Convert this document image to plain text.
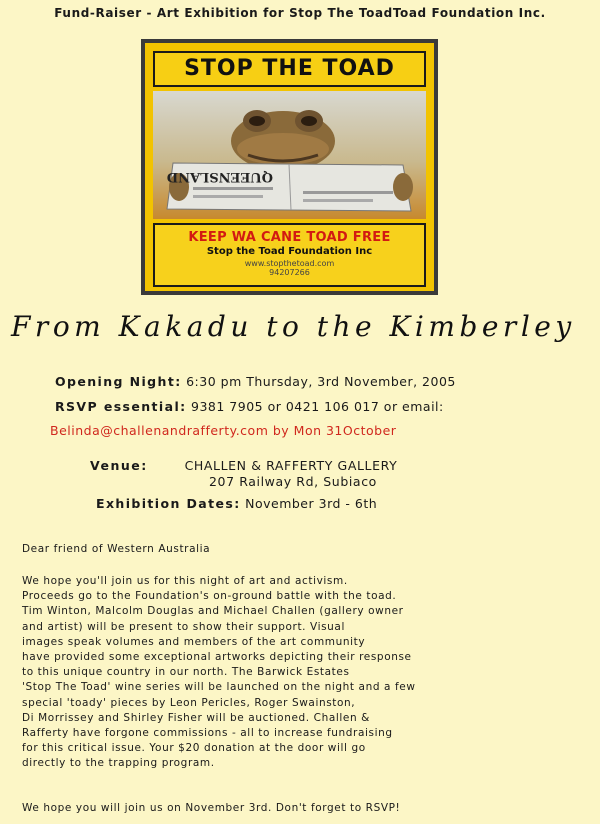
Fund-Raiser - Art Exhibition for Stop The ToadToad Foundation Inc.
STOP THE TOAD
QUEENSLAND
KEEP WA CANE TOAD FREE
Stop the Toad Foundation Inc
www.stopthetoad.com
94207266
From Kakadu to the Kimberley
Opening Night: 6:30 pm Thursday, 3rd November, 2005
RSVP essential: 9381 7905 or 0421 106 017 or email:
Belinda@challenandrafferty.com by Mon 31October
Venue:	CHALLEN & RAFFERTY GALLERY
207 Railway Rd, Subiaco
Exhibition Dates: November 3rd - 6th
Dear friend of Western Australia
We hope you'll join us for this night of art and activism.
Proceeds go to the Foundation's on-ground battle with the toad.
Tim Winton, Malcolm Douglas and Michael Challen (gallery owner
and artist) will be present to show their support. Visual
images speak volumes and members of the art community
have provided some exceptional artworks depicting their response
to this unique country in our north. The Barwick Estates
'Stop The Toad' wine series will be launched on the night and a few
special 'toady' pieces by Leon Pericles, Roger Swainston,
Di Morrissey and Shirley Fisher will be auctioned. Challen &
Rafferty have forgone commissions - all to increase fundraising
for this critical issue. Your $20 donation at the door will go
directly to the trapping program.
We hope you will join us on November 3rd. Don't forget to RSVP!
